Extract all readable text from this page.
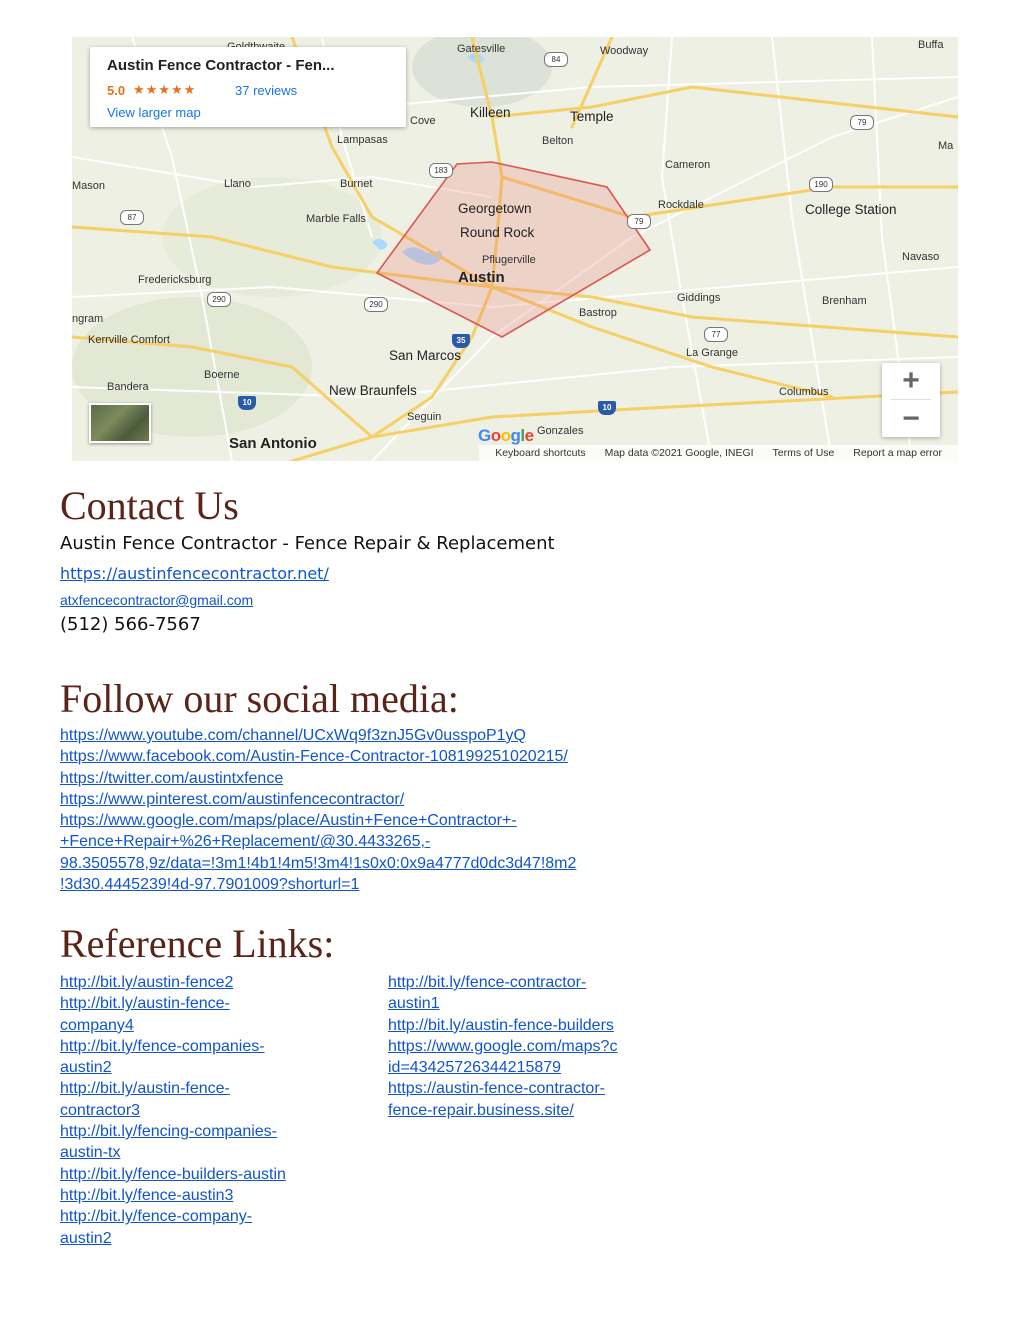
Gatesville	Woodway	Buffa
Killeen	Temple
Cove
Lampasas	Belton	Ma
Cameron
Mason	Llano	Burnet
Georgetown	Rockdale	College Station
Marble Falls
Round Rock
Pflugerville	Navaso
Fredericksburg	Austin
Giddings	Brenham
ngram	Bastrop
Kerrville Comfort
San Marcos	La Grange
Boerne
Bandera	New Braunfels	Columbus
Seguin
San Antonio
Gonzales
84
79
183
190
87	79
290
290
77
35
10
10
Austin Fence Contractor - Fen...
5.0 ★★★★★	37 reviews
View larger map
+
−
Google
Keyboard shortcuts Map data ©2021 Google, INEGI Terms of Use Report a map error
Contact Us
Austin Fence Contractor - Fence Repair & Replacement
https://austinfencecontractor.net/
atxfencecontractor@gmail.com
(512) 566-7567
Follow our social media:
https://www.youtube.com/channel/UCxWq9f3znJ5Gv0usspoP1yQ
https://www.facebook.com/Austin-Fence-Contractor-108199251020215/
https://twitter.com/austintxfence
https://www.pinterest.com/austinfencecontractor/
https://www.google.com/maps/place/Austin+Fence+Contractor+-
+Fence+Repair+%26+Replacement/@30.4433265,-
98.3505578,9z/data=!3m1!4b1!4m5!3m4!1s0x0:0x9a4777d0dc3d47!8m2
!3d30.4445239!4d-97.7901009?shorturl=1
Reference Links:
http://bit.ly/austin-fence2
http://bit.ly/austin-fence-
company4
http://bit.ly/fence-companies-
austin2
http://bit.ly/austin-fence-
contractor3
http://bit.ly/fencing-companies-
austin-tx
http://bit.ly/fence-builders-austin
http://bit.ly/fence-austin3
http://bit.ly/fence-company-
austin2
http://bit.ly/fence-contractor-
austin1
http://bit.ly/austin-fence-builders
https://www.google.com/maps?c
id=43425726344215879
https://austin-fence-contractor-
fence-repair.business.site/
